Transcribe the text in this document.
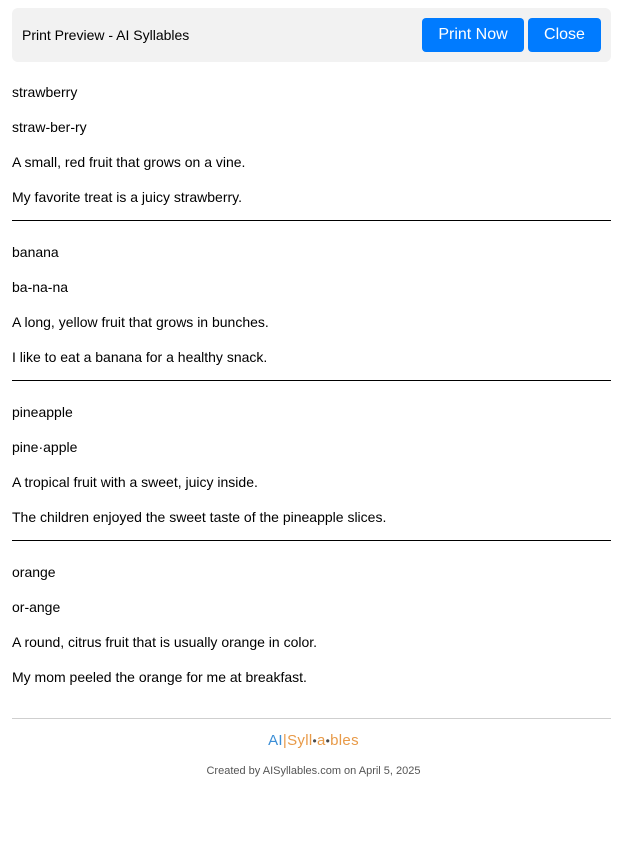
Print Preview - AI Syllables	Print Now	Close

strawberry

straw-ber-ry

A small, red fruit that grows on a vine.

My favorite treat is a juicy strawberry.

banana

ba-na-na

A long, yellow fruit that grows in bunches.

I like to eat a banana for a healthy snack.

pineapple

pine·apple

A tropical fruit with a sweet, juicy inside.

The children enjoyed the sweet taste of the pineapple slices.

orange

or-ange

A round, citrus fruit that is usually orange in color.

My mom peeled the orange for me at breakfast.

AI|Syll•a•bles
Created by AISyllables.com on April 5, 2025
